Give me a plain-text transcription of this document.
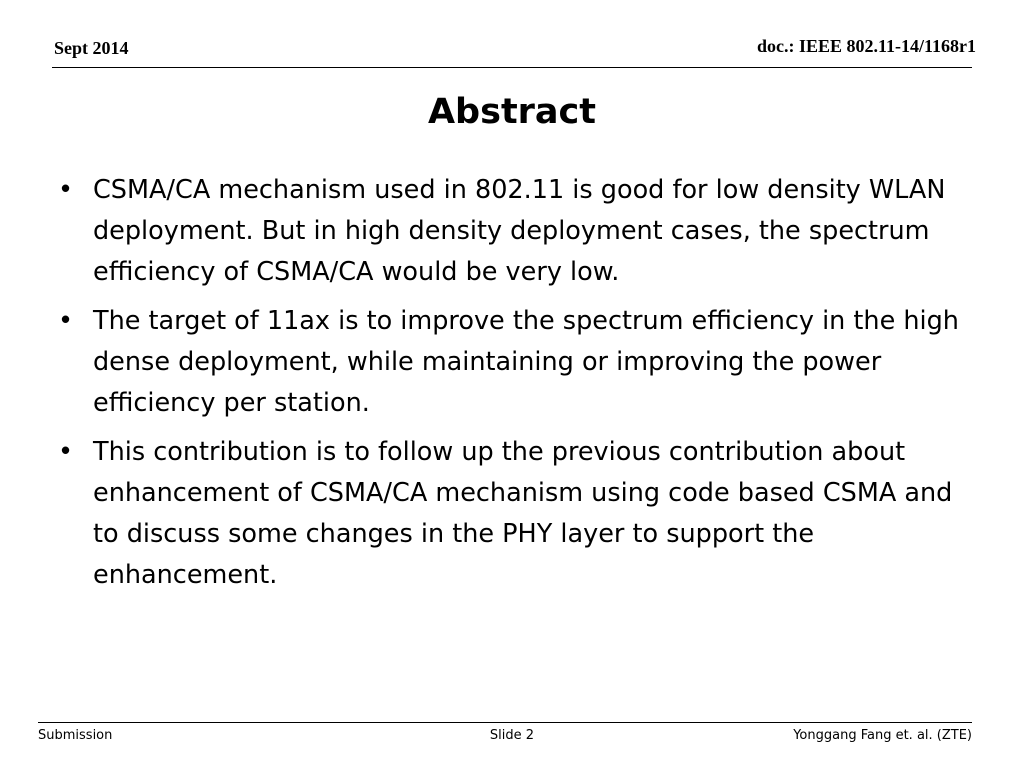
Sept 2014	doc.: IEEE 802.11-14/1168r1
Abstract
• CSMA/CA mechanism used in 802.11 is good for low density WLAN deployment. But in high density deployment cases, the spectrum efficiency of CSMA/CA would be very low.
• The target of 11ax is to improve the spectrum efficiency in the high dense deployment, while maintaining or improving the power efficiency per station.
• This contribution is to follow up the previous contribution about enhancement of CSMA/CA mechanism using code based CSMA and to discuss some changes in the PHY layer to support the enhancement.
Submission	Slide 2	Yonggang Fang et. al. (ZTE)
